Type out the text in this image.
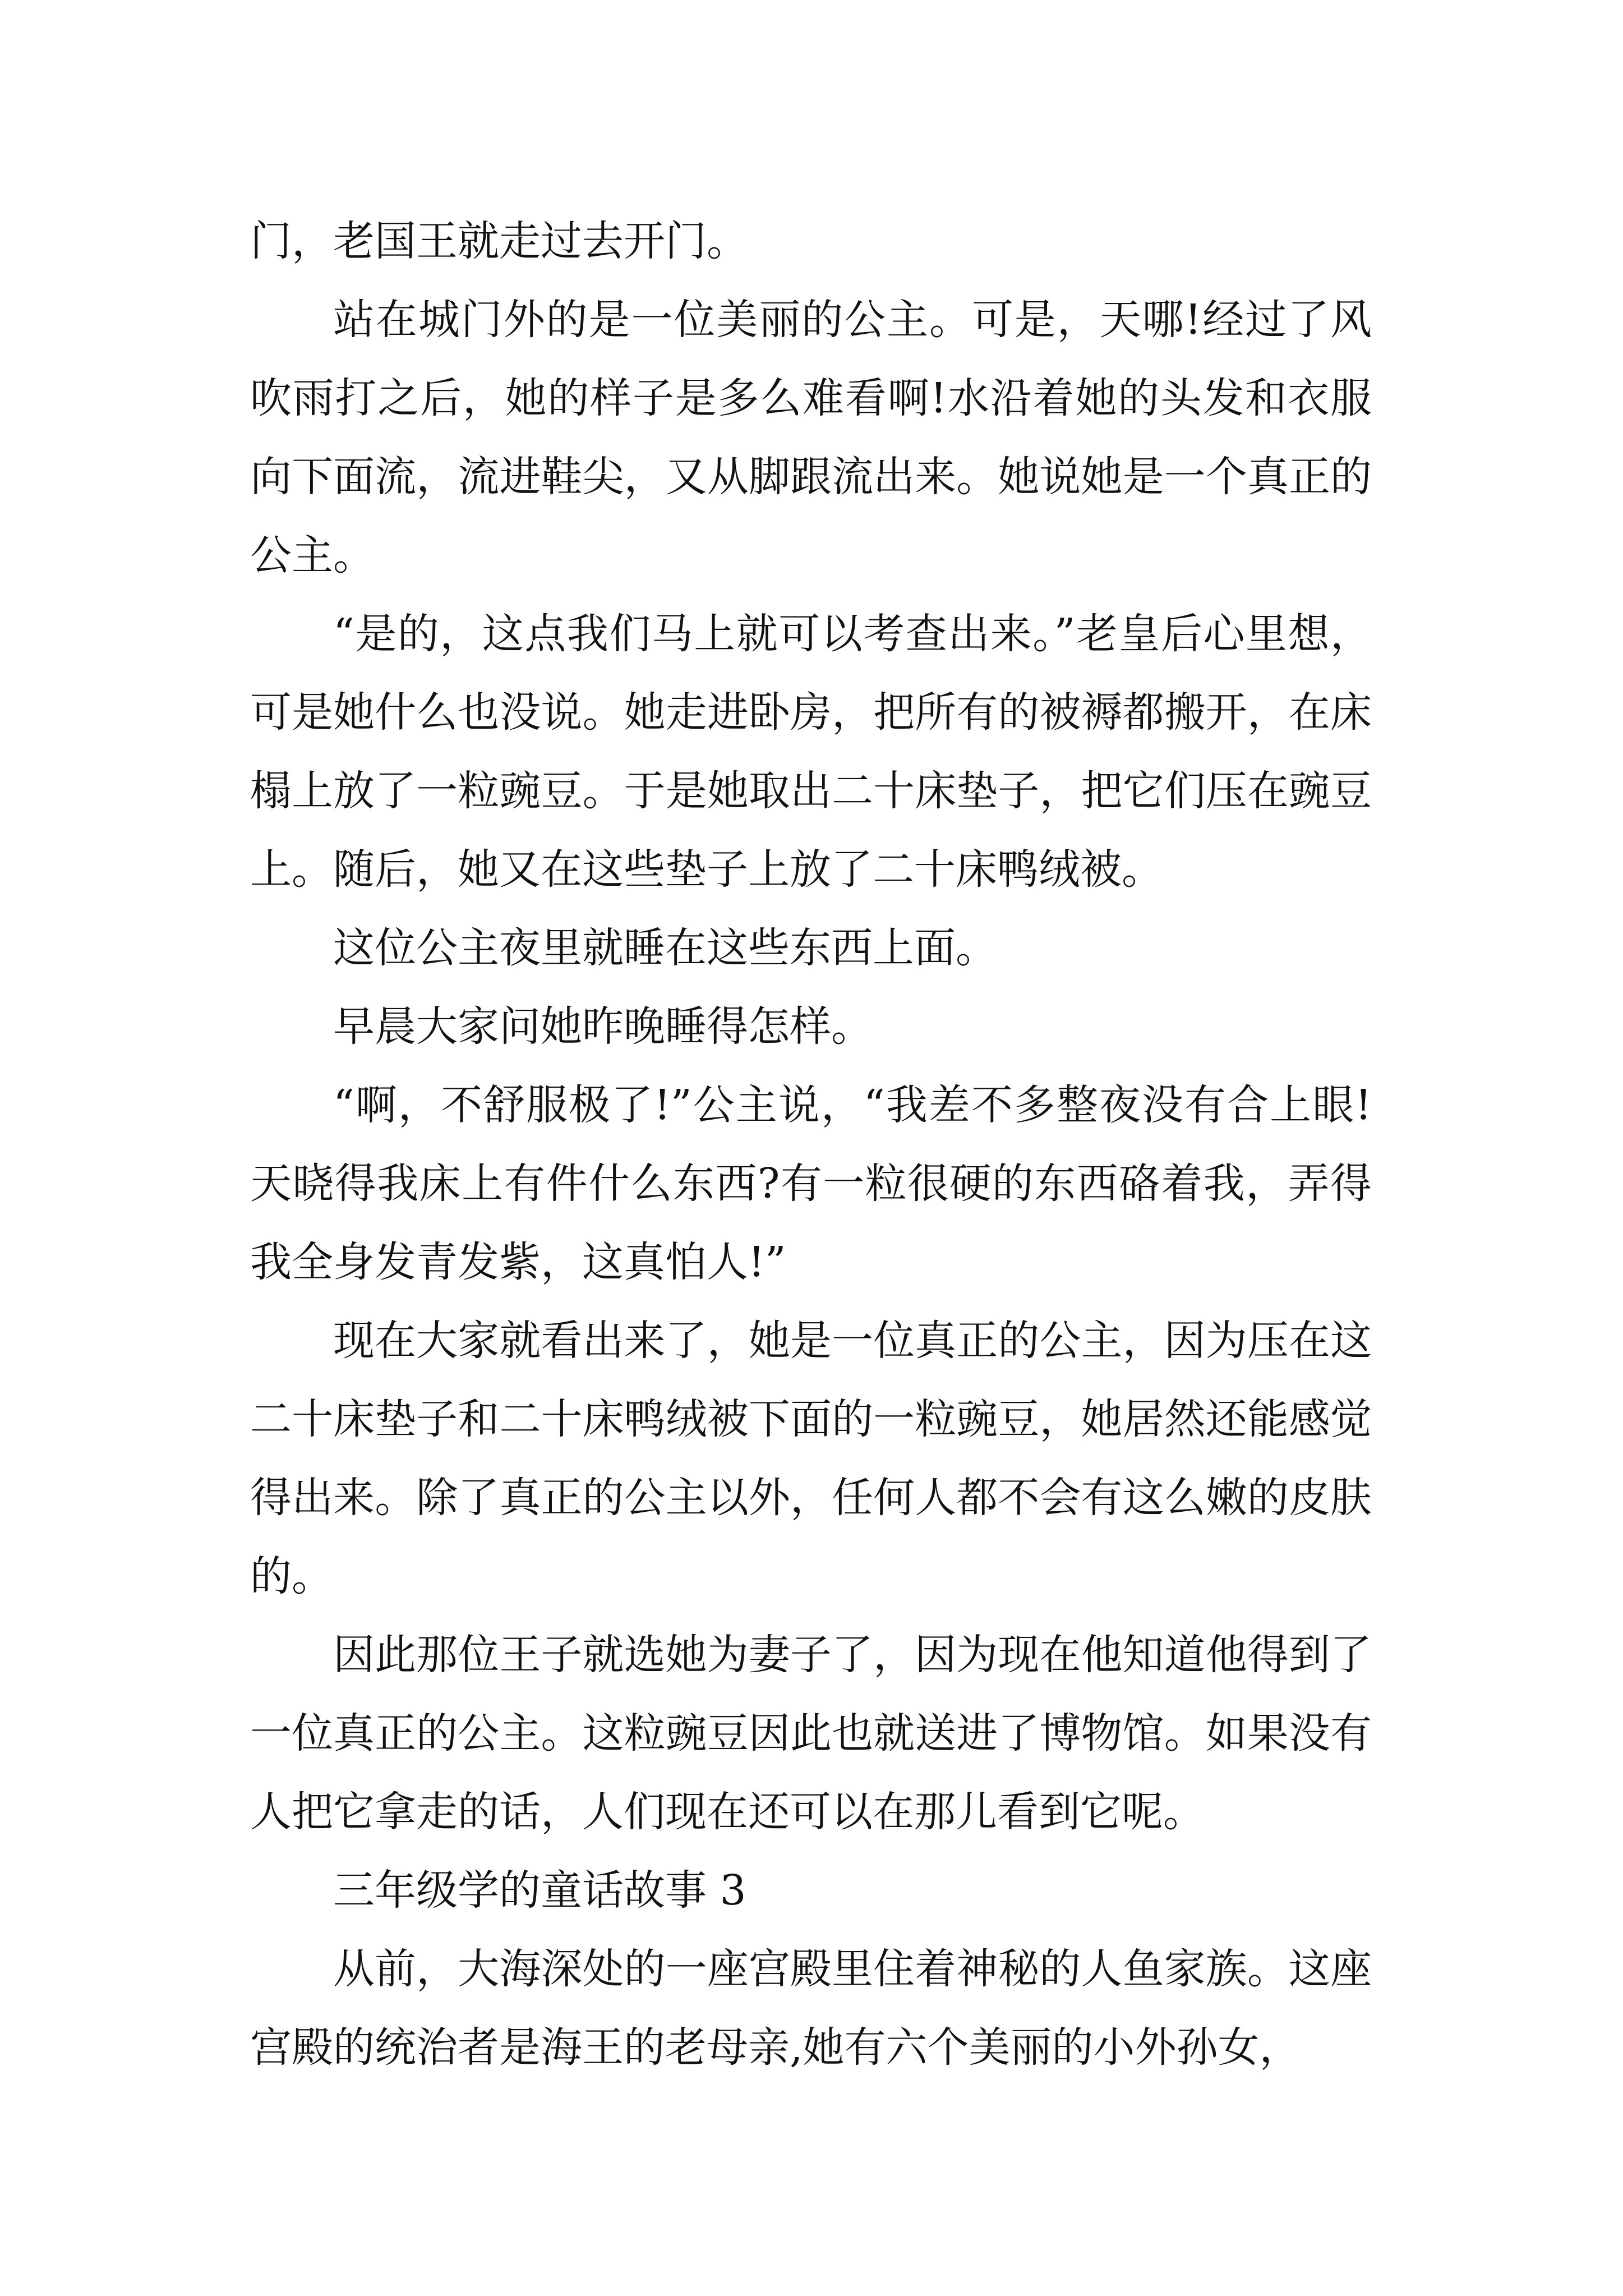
门，老国王就走过去开门。

站在城门外的是一位美丽的公主。可是，天哪!经过了风吹雨打之后，她的样子是多么难看啊!水沿着她的头发和衣服向下面流，流进鞋尖，又从脚跟流出来。她说她是一个真正的公主。

“是的，这点我们马上就可以考查出来。”老皇后心里想，可是她什么也没说。她走进卧房，把所有的被褥都搬开，在床榻上放了一粒豌豆。于是她取出二十床垫子，把它们压在豌豆上。随后，她又在这些垫子上放了二十床鸭绒被。

这位公主夜里就睡在这些东西上面。

早晨大家问她昨晚睡得怎样。

“啊，不舒服极了!”公主说，“我差不多整夜没有合上眼!天晓得我床上有件什么东西?有一粒很硬的东西硌着我，弄得我全身发青发紫，这真怕人!”

现在大家就看出来了，她是一位真正的公主，因为压在这二十床垫子和二十床鸭绒被下面的一粒豌豆，她居然还能感觉得出来。除了真正的公主以外，任何人都不会有这么嫩的皮肤的。

因此那位王子就选她为妻子了，因为现在他知道他得到了一位真正的公主。这粒豌豆因此也就送进了博物馆。如果没有人把它拿走的话，人们现在还可以在那儿看到它呢。

三年级学的童话故事 3

从前，大海深处的一座宫殿里住着神秘的人鱼家族。这座宫殿的统治者是海王的老母亲,她有六个美丽的小外孙女，
